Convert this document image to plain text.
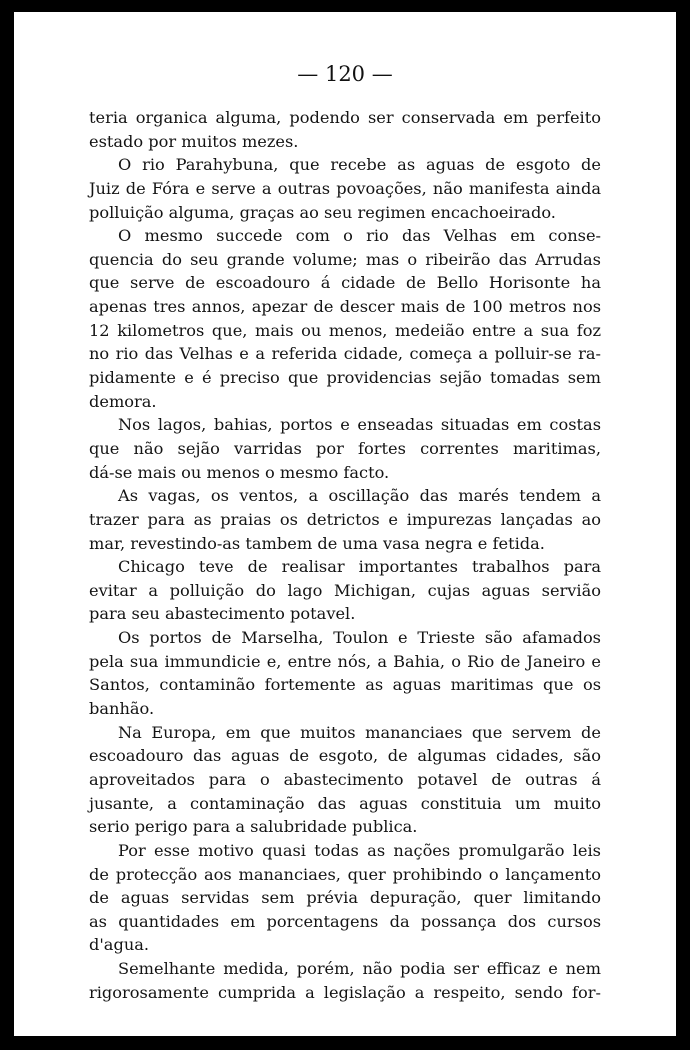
— 120 —

teria organica alguma, podendo ser conservada em perfeito

estado por muitos mezes.

O rio Parahybuna, que recebe as aguas de esgoto de

Juiz de Fóra e serve a outras povoações, não manifesta ainda

polluição alguma, graças ao seu regimen encachoeirado.

O mesmo succede com o rio das Velhas em conse-

quencia do seu grande volume; mas o ribeirão das Arrudas

que serve de escoadouro á cidade de Bello Horisonte ha

apenas tres annos, apezar de descer mais de 100 metros nos

12 kilometros que, mais ou menos, medeião entre a sua foz

no rio das Velhas e a referida cidade, começa a polluir-se ra-

pidamente e é preciso que providencias sejão tomadas sem

demora.

Nos lagos, bahias, portos e enseadas situadas em costas

que não sejão varridas por fortes correntes maritimas,

dá-se mais ou menos o mesmo facto.

As vagas, os ventos, a oscillação das marés tendem a

trazer para as praias os detrictos e impurezas lançadas ao

mar, revestindo-as tambem de uma vasa negra e fetida.

Chicago teve de realisar importantes trabalhos para

evitar a polluição do lago Michigan, cujas aguas servião

para seu abastecimento potavel.

Os portos de Marselha, Toulon e Trieste são afamados

pela sua immundicie e, entre nós, a Bahia, o Rio de Janeiro e

Santos, contaminão fortemente as aguas maritimas que os

banhão.

Na Europa, em que muitos mananciaes que servem de

escoadouro das aguas de esgoto, de algumas cidades, são

aproveitados para o abastecimento potavel de outras á

jusante, a contaminação das aguas constituia um muito

serio perigo para a salubridade publica.

Por esse motivo quasi todas as nações promulgarão leis

de protecção aos mananciaes, quer prohibindo o lançamento

de aguas servidas sem prévia depuração, quer limitando

as quantidades em porcentagens da possança dos cursos

d'agua.

Semelhante medida, porém, não podia ser efficaz e nem

rigorosamente cumprida a legislação a respeito, sendo for-
